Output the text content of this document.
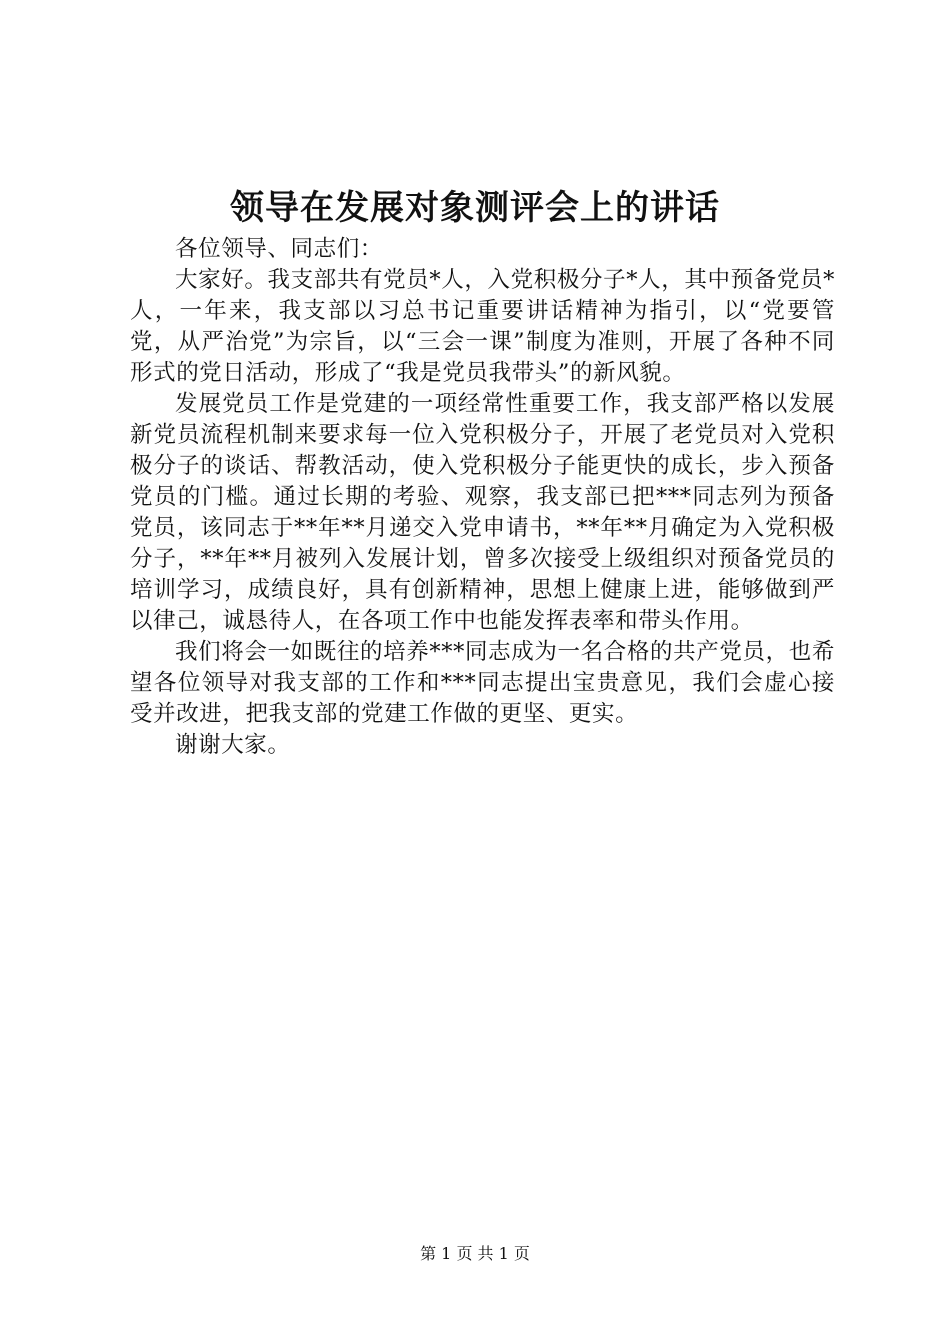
领导在发展对象测评会上的讲话

各位领导、同志们：

大家好。我支部共有党员*人，入党积极分子*人，其中预备党员*人，一年来，我支部以习总书记重要讲话精神为指引，以“党要管党，从严治党”为宗旨，以“三会一课”制度为准则，开展了各种不同形式的党日活动，形成了“我是党员我带头”的新风貌。

发展党员工作是党建的一项经常性重要工作，我支部严格以发展新党员流程机制来要求每一位入党积极分子，开展了老党员对入党积极分子的谈话、帮教活动，使入党积极分子能更快的成长，步入预备党员的门槛。通过长期的考验、观察，我支部已把***同志列为预备党员，该同志于**年**月递交入党申请书，**年**月确定为入党积极分子，**年**月被列入发展计划，曾多次接受上级组织对预备党员的培训学习，成绩良好，具有创新精神，思想上健康上进，能够做到严以律己，诚恳待人，在各项工作中也能发挥表率和带头作用。

我们将会一如既往的培养***同志成为一名合格的共产党员，也希望各位领导对我支部的工作和***同志提出宝贵意见，我们会虚心接受并改进，把我支部的党建工作做的更坚、更实。

谢谢大家。

第 1 页 共 1 页
